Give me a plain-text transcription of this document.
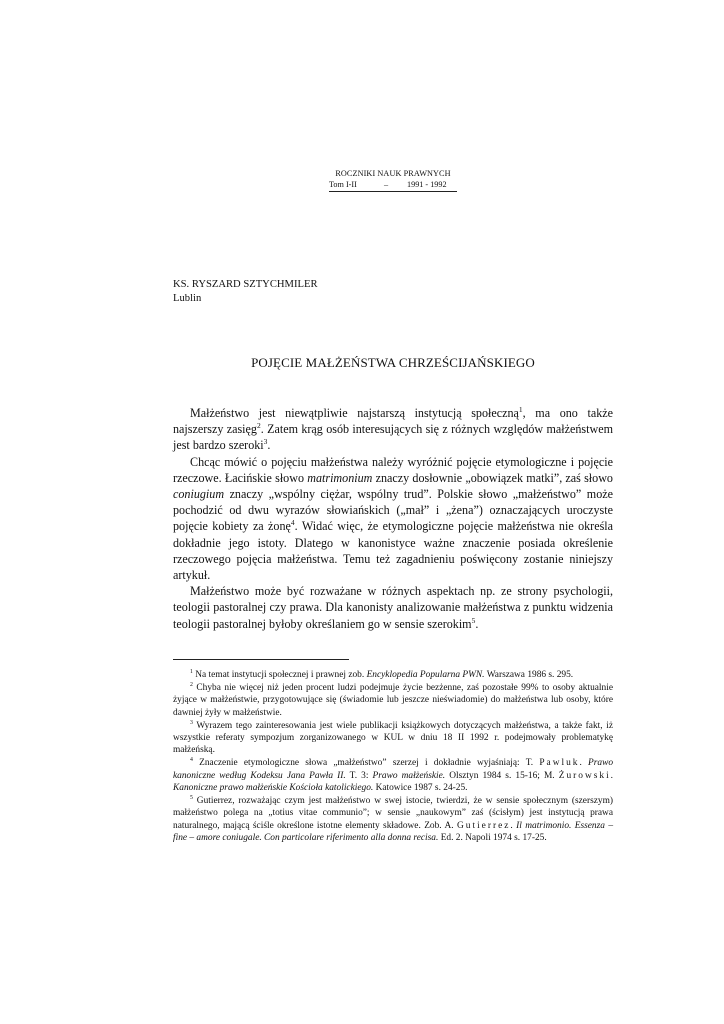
ROCZNIKI NAUK PRAWNYCH
Tom I-II	–	1991 - 1992
KS. RYSZARD SZTYCHMILER
Lublin
POJĘCIE MAŁŻEŃSTWA CHRZEŚCIJAŃSKIEGO

Małżeństwo jest niewątpliwie najstarszą instytucją społeczną$^1$, ma ono także najszerszy zasięg$^2$. Zatem krąg osób interesujących się z różnych względów małżeństwem jest bardzo szeroki$^3$.

Chcąc mówić o pojęciu małżeństwa należy wyróżnić pojęcie etymologiczne i pojęcie rzeczowe. Łacińskie słowo matrimonium znaczy dosłownie „obowiązek matki”, zaś słowo coniugium znaczy „wspólny ciężar, wspólny trud”. Polskie słowo „małżeństwo” może pochodzić od dwu wyrazów słowiańskich („mał” i „żena”) oznaczających uroczyste pojęcie kobiety za żonę$^4$. Widać więc, że etymologiczne pojęcie małżeństwa nie określa dokładnie jego istoty. Dlatego w kanonistyce ważne znaczenie posiada określenie rzeczowego pojęcia małżeństwa. Temu też zagadnieniu poświęcony zostanie niniejszy artykuł.

Małżeństwo może być rozważane w różnych aspektach np. ze strony psychologii, teologii pastoralnej czy prawa. Dla kanonisty analizowanie małżeństwa z punktu widzenia teologii pastoralnej byłoby określaniem go w sensie szerokim$^5$.

$^1$ Na temat instytucji społecznej i prawnej zob. Encyklopedia Popularna PWN. Warszawa 1986 s. 295.

$^2$ Chyba nie więcej niż jeden procent ludzi podejmuje życie bezżenne, zaś pozostałe 99% to osoby aktualnie żyjące w małżeństwie, przygotowujące się (świadomie lub jeszcze nieświadomie) do małżeństwa lub osoby, które dawniej żyły w małżeństwie.

$^3$ Wyrazem tego zainteresowania jest wiele publikacji książkowych dotyczących małżeństwa, a także fakt, iż wszystkie referaty sympozjum zorganizowanego w KUL w dniu 18 II 1992 r. podejmowały problematykę małżeńską.

$^4$ Znaczenie etymologiczne słowa „małżeństwo” szerzej i dokładnie wyjaśniają: T. Pawluk. Prawo kanoniczne według Kodeksu Jana Pawła II. T. 3: Prawo małżeńskie. Olsztyn 1984 s. 15-16; M. Żurowski. Kanoniczne prawo małżeńskie Kościoła katolickiego. Katowice 1987 s. 24-25.

$^5$ Gutierrez, rozważając czym jest małżeństwo w swej istocie, twierdzi, że w sensie społecznym (szerszym) małżeństwo polega na „totius vitae communio”; w sensie „naukowym” zaś (ścisłym) jest instytucją prawa naturalnego, mającą ściśle określone istotne elementy składowe. Zob. A. Gutierrez. Il matrimonio. Essenza – fine – amore coniugale. Con particolare riferimento alla donna recisa. Ed. 2. Napoli 1974 s. 17-25.
